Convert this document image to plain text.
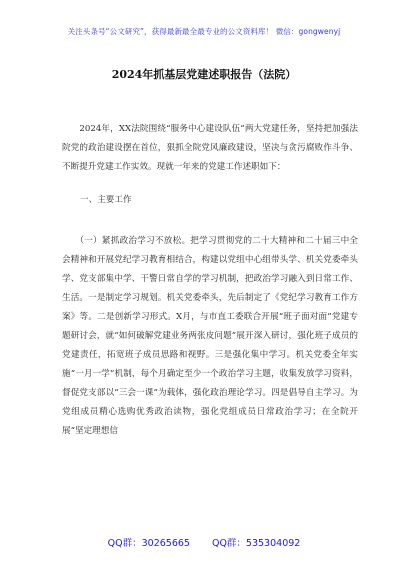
关注头条号“公文研究”，获得最新最全最专业的公文资料库！ 微信：gongwenyj
2024年抓基层党建述职报告（法院）

　　2024年，XX法院围绕“服务中心建设队伍”两大党建任务，坚持把加强法院党的政治建设摆在首位，狠抓全院党风廉政建设，坚决与贪污腐败作斗争、不断提升党建工作实效。现就一年来的党建工作述职如下：

一、主要工作

　　（一）紧抓政治学习不放松。把学习贯彻党的二十大精神和二十届三中全会精神和开展党纪学习教育相结合，构建以党组中心组带头学、机关党委牵头学、党支部集中学、干警日常自学的学习机制，把政治学习融入到日常工作、生活。一是制定学习规划。机关党委牵头，先后制定了《党纪学习教育工作方案》等。二是创新学习形式。X月，与市直工委联合开展“班子面对面”党建专题研讨会，就“如何破解党建业务两张皮问题”展开深入研讨，强化班子成员的党建责任，拓宽班子成员思路和视野。三是强化集中学习。机关党委全年实施“一月一学”机制，每个月确定至少一个政治学习主题，收集发放学习资料，督促党支部以“三会一课”为载体，强化政治理论学习。四是倡导自主学习。为党组成员精心选购优秀政治读物，强化党组成员日常政治学习；在全院开展“坚定理想信

QQ群：30265665 QQ群：535304092
